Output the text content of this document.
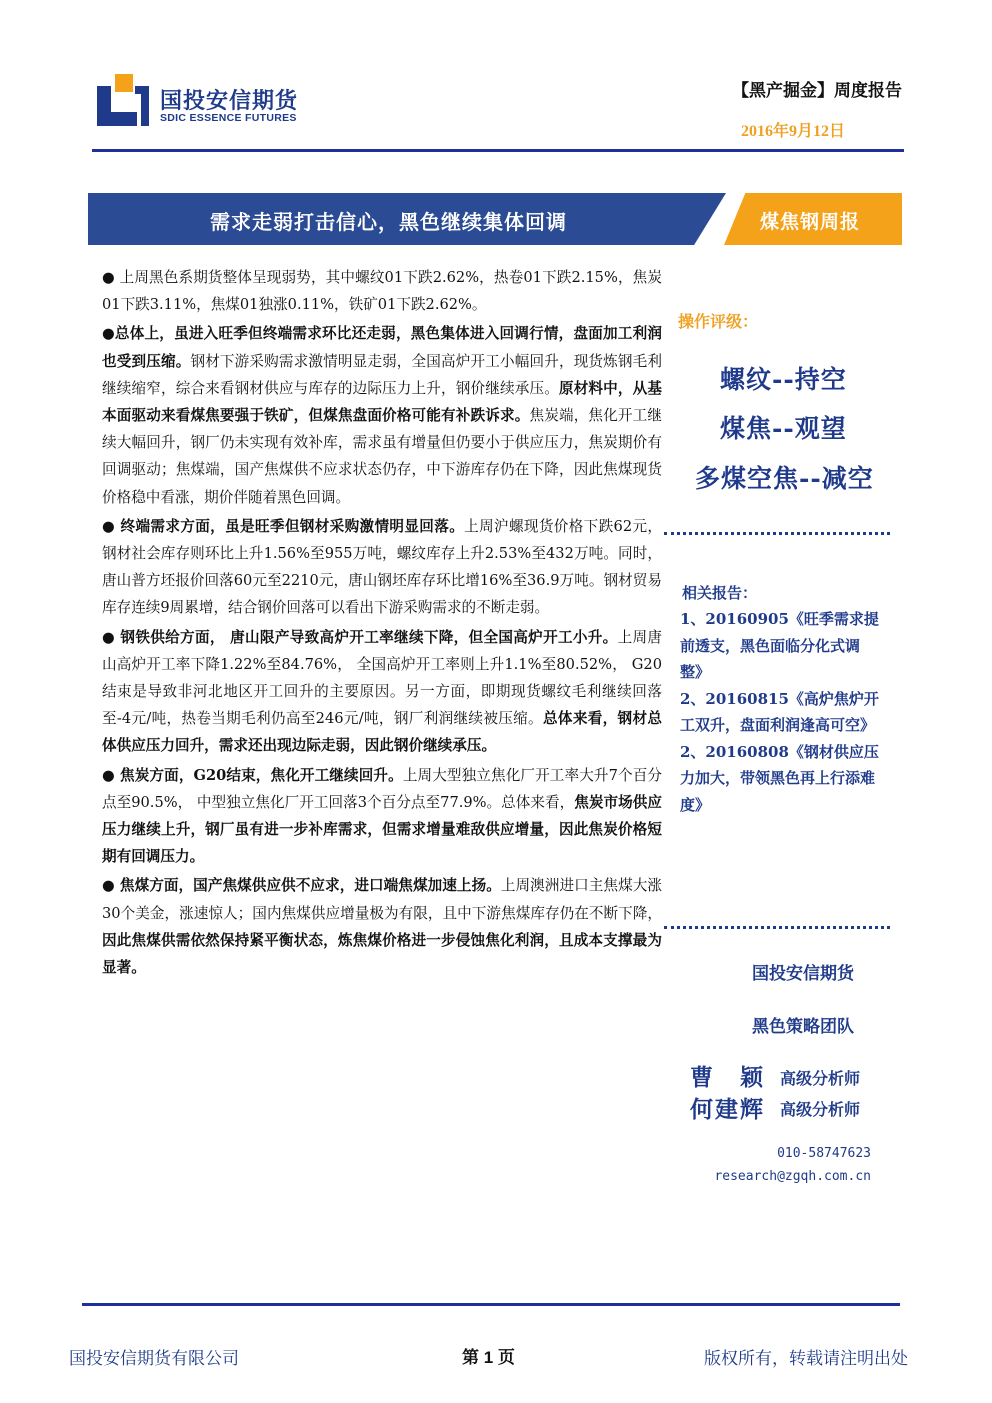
国投安信期货
SDIC ESSENCE FUTURES
【黑产掘金】周度报告
2016年9月12日
需求走弱打击信心，黑色继续集体回调	煤焦钢周报

● 上周黑色系期货整体呈现弱势，其中螺纹01下跌2.62%，热卷01下跌2.15%，焦炭01下跌3.11%，焦煤01独涨0.11%，铁矿01下跌2.62%。

●总体上，虽进入旺季但终端需求环比还走弱，黑色集体进入回调行情，盘面加工利润也受到压缩。钢材下游采购需求激情明显走弱，全国高炉开工小幅回升，现货炼钢毛利继续缩窄，综合来看钢材供应与库存的边际压力上升，钢价继续承压。原材料中，从基本面驱动来看煤焦要强于铁矿，但煤焦盘面价格可能有补跌诉求。焦炭端，焦化开工继续大幅回升，钢厂仍未实现有效补库，需求虽有增量但仍要小于供应压力，焦炭期价有回调驱动；焦煤端，国产焦煤供不应求状态仍存，中下游库存仍在下降，因此焦煤现货价格稳中看涨，期价伴随着黑色回调。

● 终端需求方面，虽是旺季但钢材采购激情明显回落。上周沪螺现货价格下跌62元，钢材社会库存则环比上升1.56%至955万吨，螺纹库存上升2.53%至432万吨。同时，唐山普方坯报价回落60元至2210元，唐山钢坯库存环比增16%至36.9万吨。钢材贸易库存连续9周累增，结合钢价回落可以看出下游采购需求的不断走弱。

● 钢铁供给方面， 唐山限产导致高炉开工率继续下降，但全国高炉开工小升。上周唐山高炉开工率下降1.22%至84.76%， 全国高炉开工率则上升1.1%至80.52%， G20结束是导致非河北地区开工回升的主要原因。另一方面，即期现货螺纹毛利继续回落至-4元/吨，热卷当期毛利仍高至246元/吨，钢厂利润继续被压缩。总体来看，钢材总体供应压力回升，需求还出现边际走弱，因此钢价继续承压。

● 焦炭方面，G20结束，焦化开工继续回升。上周大型独立焦化厂开工率大升7个百分点至90.5%， 中型独立焦化厂开工回落3个百分点至77.9%。总体来看，焦炭市场供应压力继续上升，钢厂虽有进一步补库需求，但需求增量难敌供应增量，因此焦炭价格短期有回调压力。

● 焦煤方面，国产焦煤供应供不应求，进口端焦煤加速上扬。上周澳洲进口主焦煤大涨30个美金，涨速惊人；国内焦煤供应增量极为有限，且中下游焦煤库存仍在不断下降，因此焦煤供需依然保持紧平衡状态，炼焦煤价格进一步侵蚀焦化利润，且成本支撑最为显著。

操作评级：
螺纹--持空
煤焦--观望
多煤空焦--减空
相关报告：
1、20160905《旺季需求提前透支，黑色面临分化式调整》
2、20160815《高炉焦炉开工双升，盘面利润逢高可空》
2、20160808《钢材供应压力加大，带领黑色再上行添难度》
国投安信期货
黑色策略团队
曹　颖 高级分析师
何建辉 高级分析师
010-58747623
research@zgqh.com.cn
国投安信期货有限公司	第 1 页	版权所有，转载请注明出处
